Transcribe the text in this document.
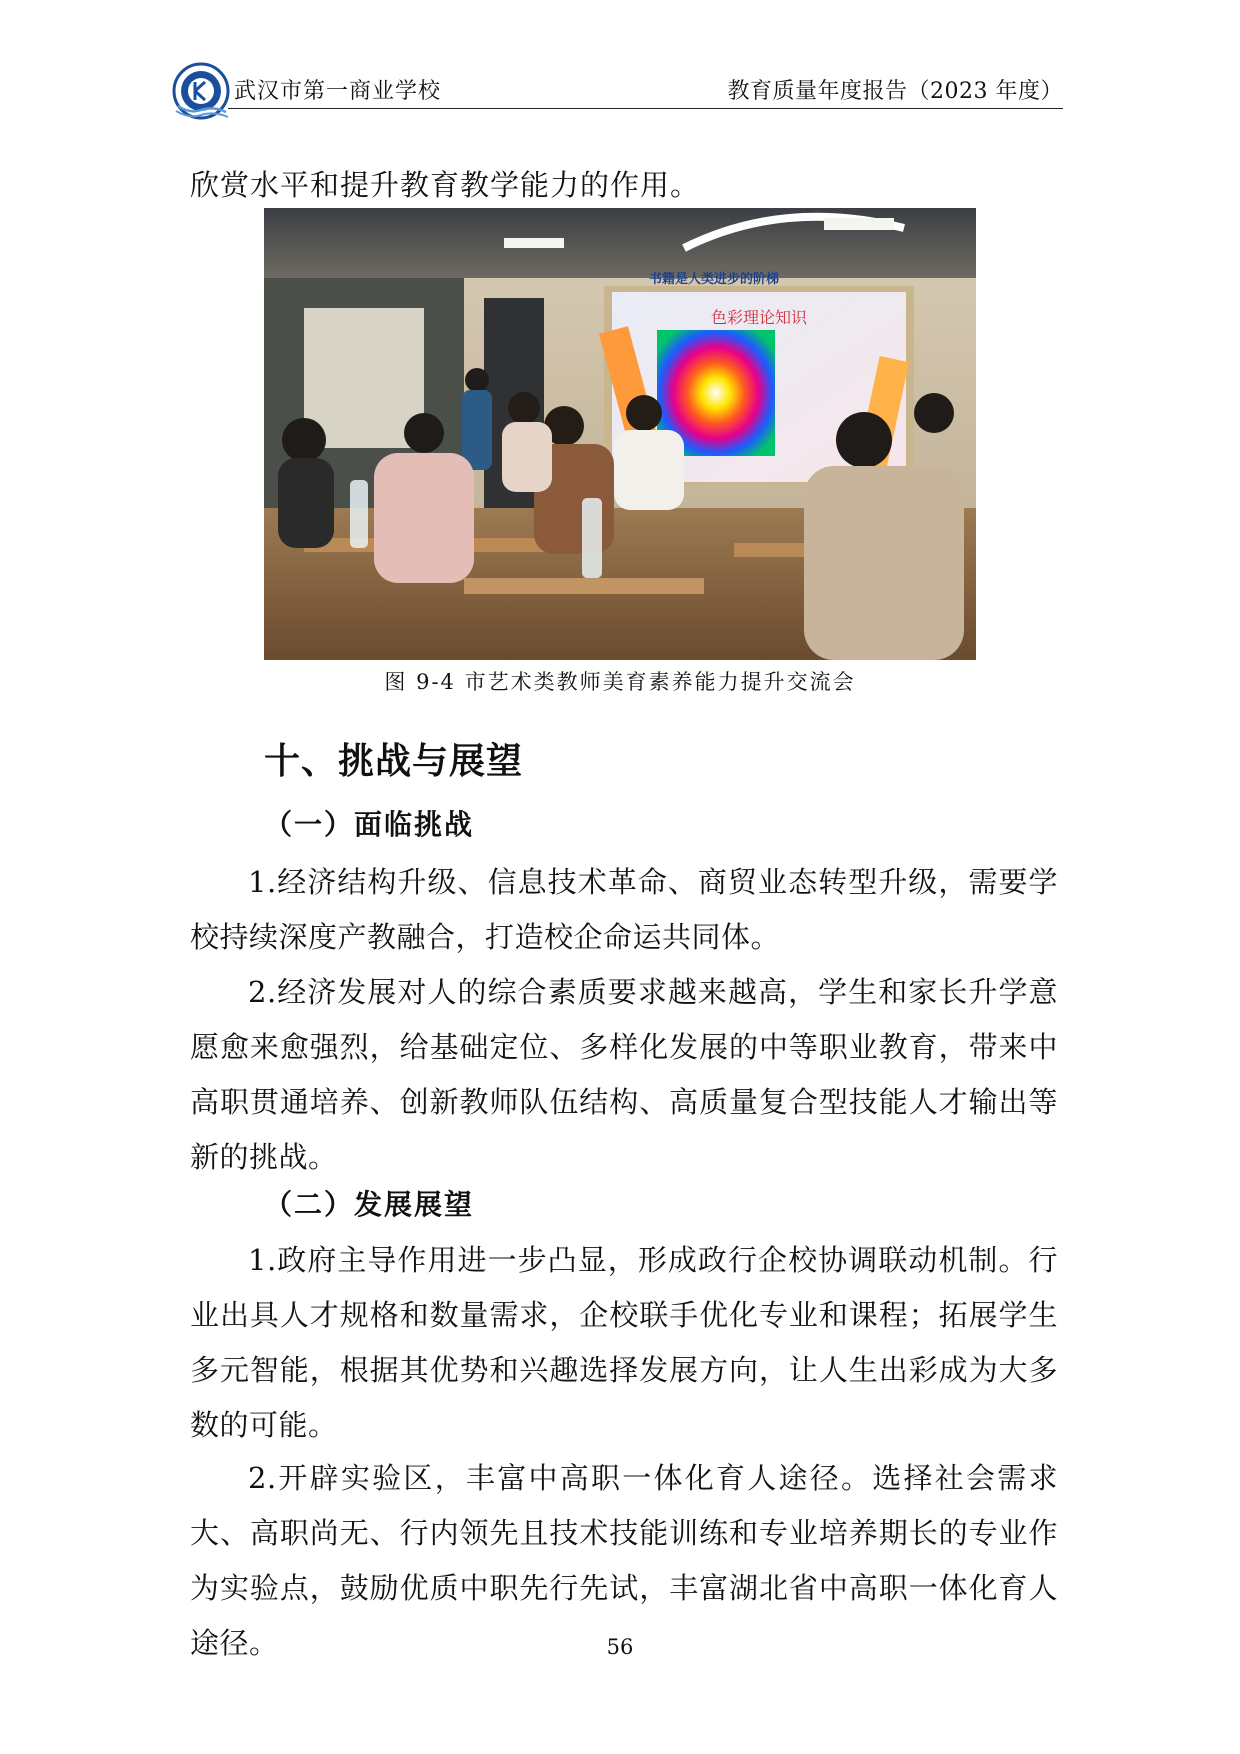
武汉市第一商业学校	教育质量年度报告（2023 年度）
欣赏水平和提升教育教学能力的作用。
色彩理论知识
书籍是人类进步的阶梯
图 9-4 市艺术类教师美育素养能力提升交流会
十、挑战与展望
（一）面临挑战

1.经济结构升级、信息技术革命、商贸业态转型升级，需要学校持续深度产教融合，打造校企命运共同体。

2.经济发展对人的综合素质要求越来越高，学生和家长升学意愿愈来愈强烈，给基础定位、多样化发展的中等职业教育，带来中高职贯通培养、创新教师队伍结构、高质量复合型技能人才输出等新的挑战。

（二）发展展望

1.政府主导作用进一步凸显，形成政行企校协调联动机制。行业出具人才规格和数量需求，企校联手优化专业和课程；拓展学生多元智能，根据其优势和兴趣选择发展方向，让人生出彩成为大多数的可能。

2.开辟实验区，丰富中高职一体化育人途径。选择社会需求大、高职尚无、行内领先且技术技能训练和专业培养期长的专业作为实验点，鼓励优质中职先行先试，丰富湖北省中高职一体化育人途径。	56
